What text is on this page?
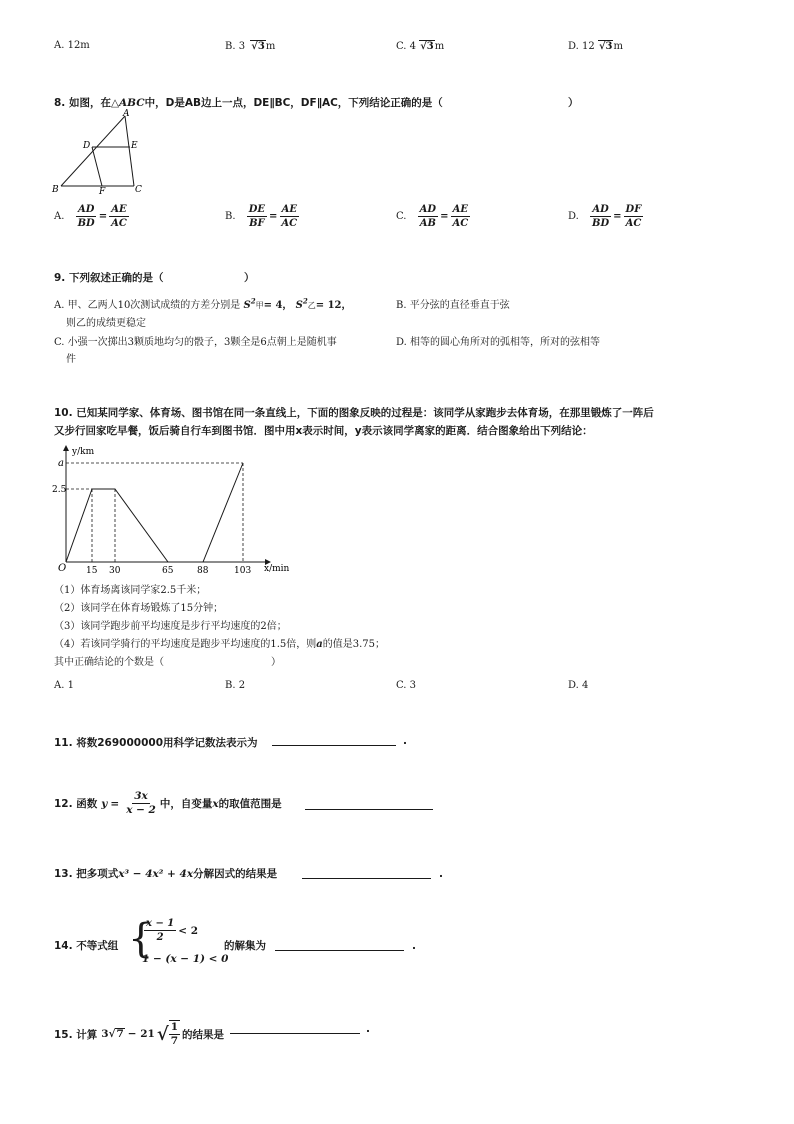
A. 12m	B. 3 √3m	C. 4 √3m	D. 12 √3m
8. 如图，在△ABC中，D是AB边上一点，DE∥BC，DF∥AC，下列结论正确的是（	）
A
B	C
D	E
F
A. $\frac{AD}{BD} = \frac{AE}{AC}$	B. $\frac{DE}{BF} = \frac{AE}{AC}$	C. $\frac{AD}{AB} = \frac{AE}{AC}$	D. $\frac{AD}{BD} = \frac{DF}{AC}$
9. 下列叙述正确的是（	）
A. 甲、乙两人10次测试成绩的方差分别是 $S^2$甲= 4， $S^2$乙= 12，
则乙的成绩更稳定
B. 平分弦的直径垂直于弦
C. 小强一次掷出3颗质地均匀的骰子，3颗全是6点朝上是随机事
件
D. 相等的圆心角所对的弧相等，所对的弦相等
10. 已知某同学家、体育场、图书馆在同一条直线上，下面的图象反映的过程是：该同学从家跑步去体育场，在那里锻炼了一阵后
又步行回家吃早餐，饭后骑自行车到图书馆．图中用x表示时间，y表示该同学离家的距离．结合图象给出下列结论：
y/km
x/min
O
a
2.5
15 30	65	88	103
（1）体育场离该同学家2.5千米；
（2）该同学在体育场锻炼了15分钟；
（3）该同学跑步前平均速度是步行平均速度的2倍；
（4）若该同学骑行的平均速度是跑步平均速度的1.5倍，则a的值是3.75；
其中正确结论的个数是（	）
A. 1	B. 2	C. 3	D. 4
11. 将数269000000用科学记数法表示为	.
12. 函数 $y = \frac{3x}{x - 2}$ 中，自变量 x 的取值范围是
13. 把多项式x³ − 4x² + 4x分解因式的结果是	.
14. 不等式组 {
$\frac{x - 1}{2} < 2$
1 − (x − 1) < 0
的解集为	.
15. 计算 3 √7 − 21 √ $\frac{1}{7}$ 的结果是	.
